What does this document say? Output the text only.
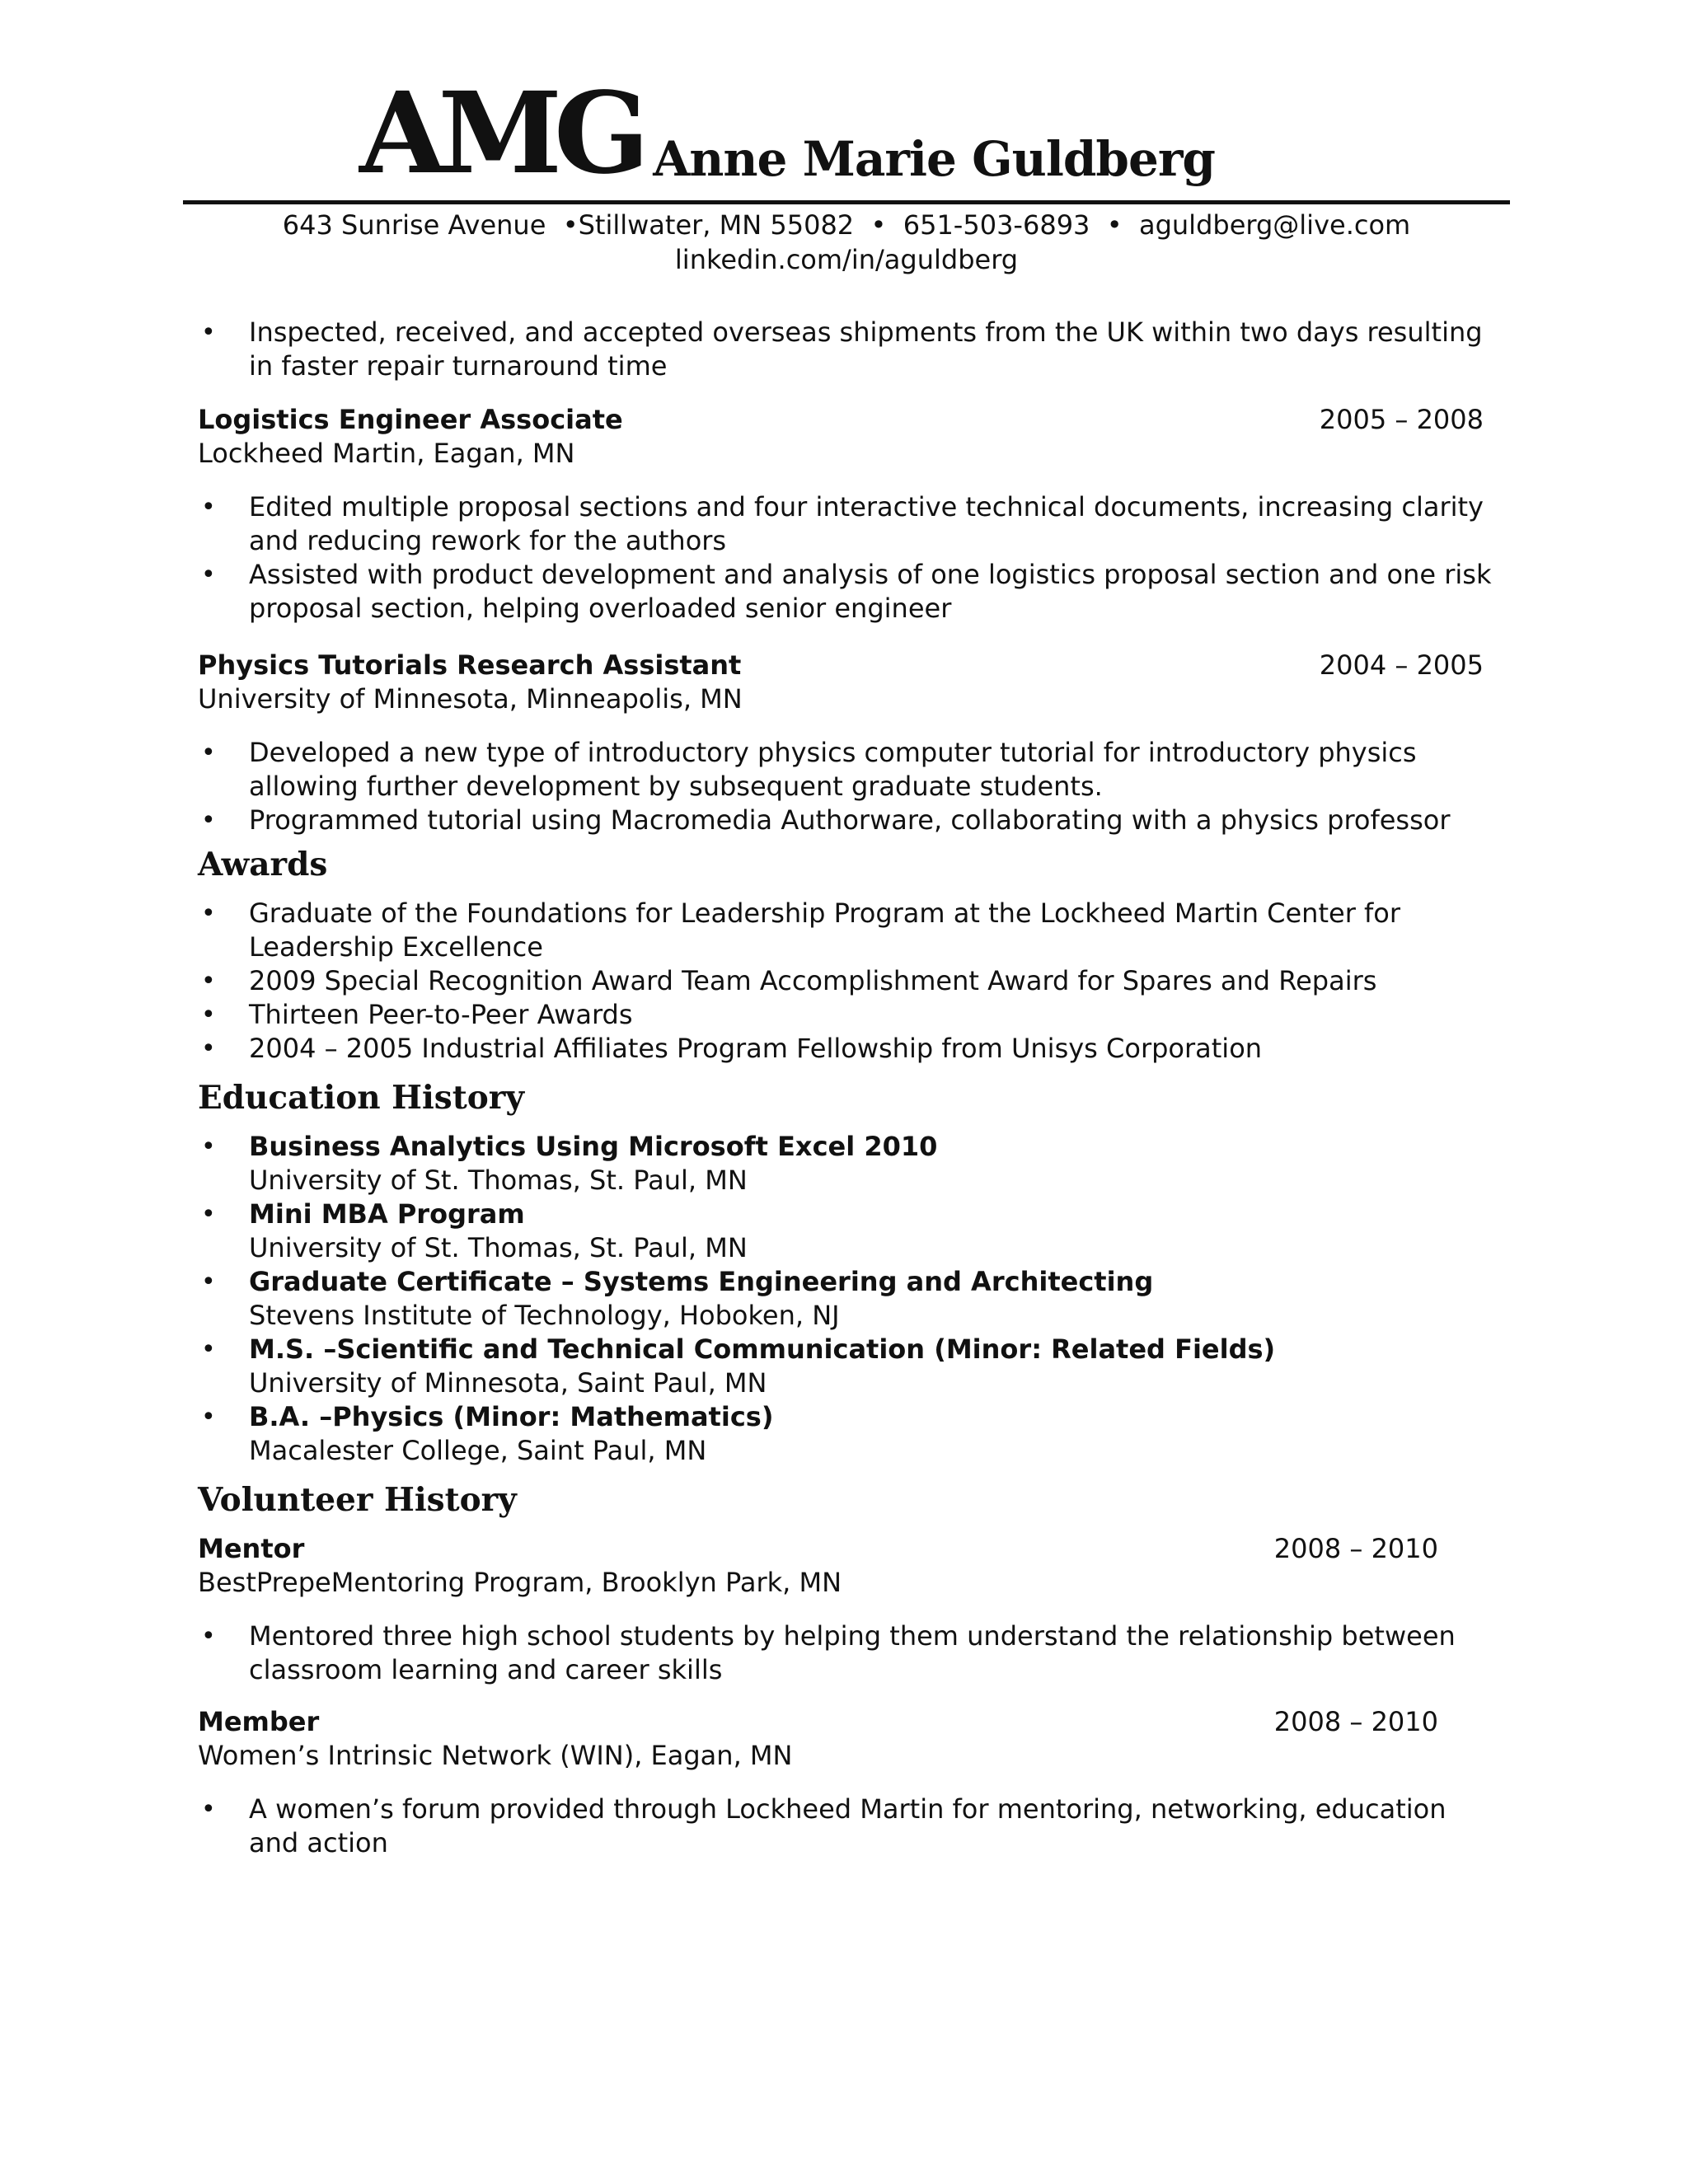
AMG Anne Marie Guldberg
643 Sunrise Avenue •Stillwater, MN 55082 • 651-503-6893 • aguldberg@live.com
linkedin.com/in/aguldberg
• Inspected, received, and accepted overseas shipments from the UK within two days resulting in faster repair turnaround time
Logistics Engineer Associate	2005 – 2008
Lockheed Martin, Eagan, MN
• Edited multiple proposal sections and four interactive technical documents, increasing clarity and reducing rework for the authors
• Assisted with product development and analysis of one logistics proposal section and one risk proposal section, helping overloaded senior engineer
Physics Tutorials Research Assistant	2004 – 2005
University of Minnesota, Minneapolis, MN
• Developed a new type of introductory physics computer tutorial for introductory physics allowing further development by subsequent graduate students.
• Programmed tutorial using Macromedia Authorware, collaborating with a physics professor
Awards
• Graduate of the Foundations for Leadership Program at the Lockheed Martin Center for Leadership Excellence
• 2009 Special Recognition Award Team Accomplishment Award for Spares and Repairs
• Thirteen Peer-to-Peer Awards
• 2004 – 2005 Industrial Affiliates Program Fellowship from Unisys Corporation
Education History
• Business Analytics Using Microsoft Excel 2010
University of St. Thomas, St. Paul, MN
• Mini MBA Program
University of St. Thomas, St. Paul, MN
• Graduate Certificate – Systems Engineering and Architecting
Stevens Institute of Technology, Hoboken, NJ
• M.S. –Scientific and Technical Communication (Minor: Related Fields)
University of Minnesota, Saint Paul, MN
• B.A. –Physics (Minor: Mathematics)
Macalester College, Saint Paul, MN
Volunteer History
Mentor	2008 – 2010
BestPrepeMentoring Program, Brooklyn Park, MN
• Mentored three high school students by helping them understand the relationship between classroom learning and career skills
Member	2008 – 2010
Women’s Intrinsic Network (WIN), Eagan, MN
• A women’s forum provided through Lockheed Martin for mentoring, networking, education and action
